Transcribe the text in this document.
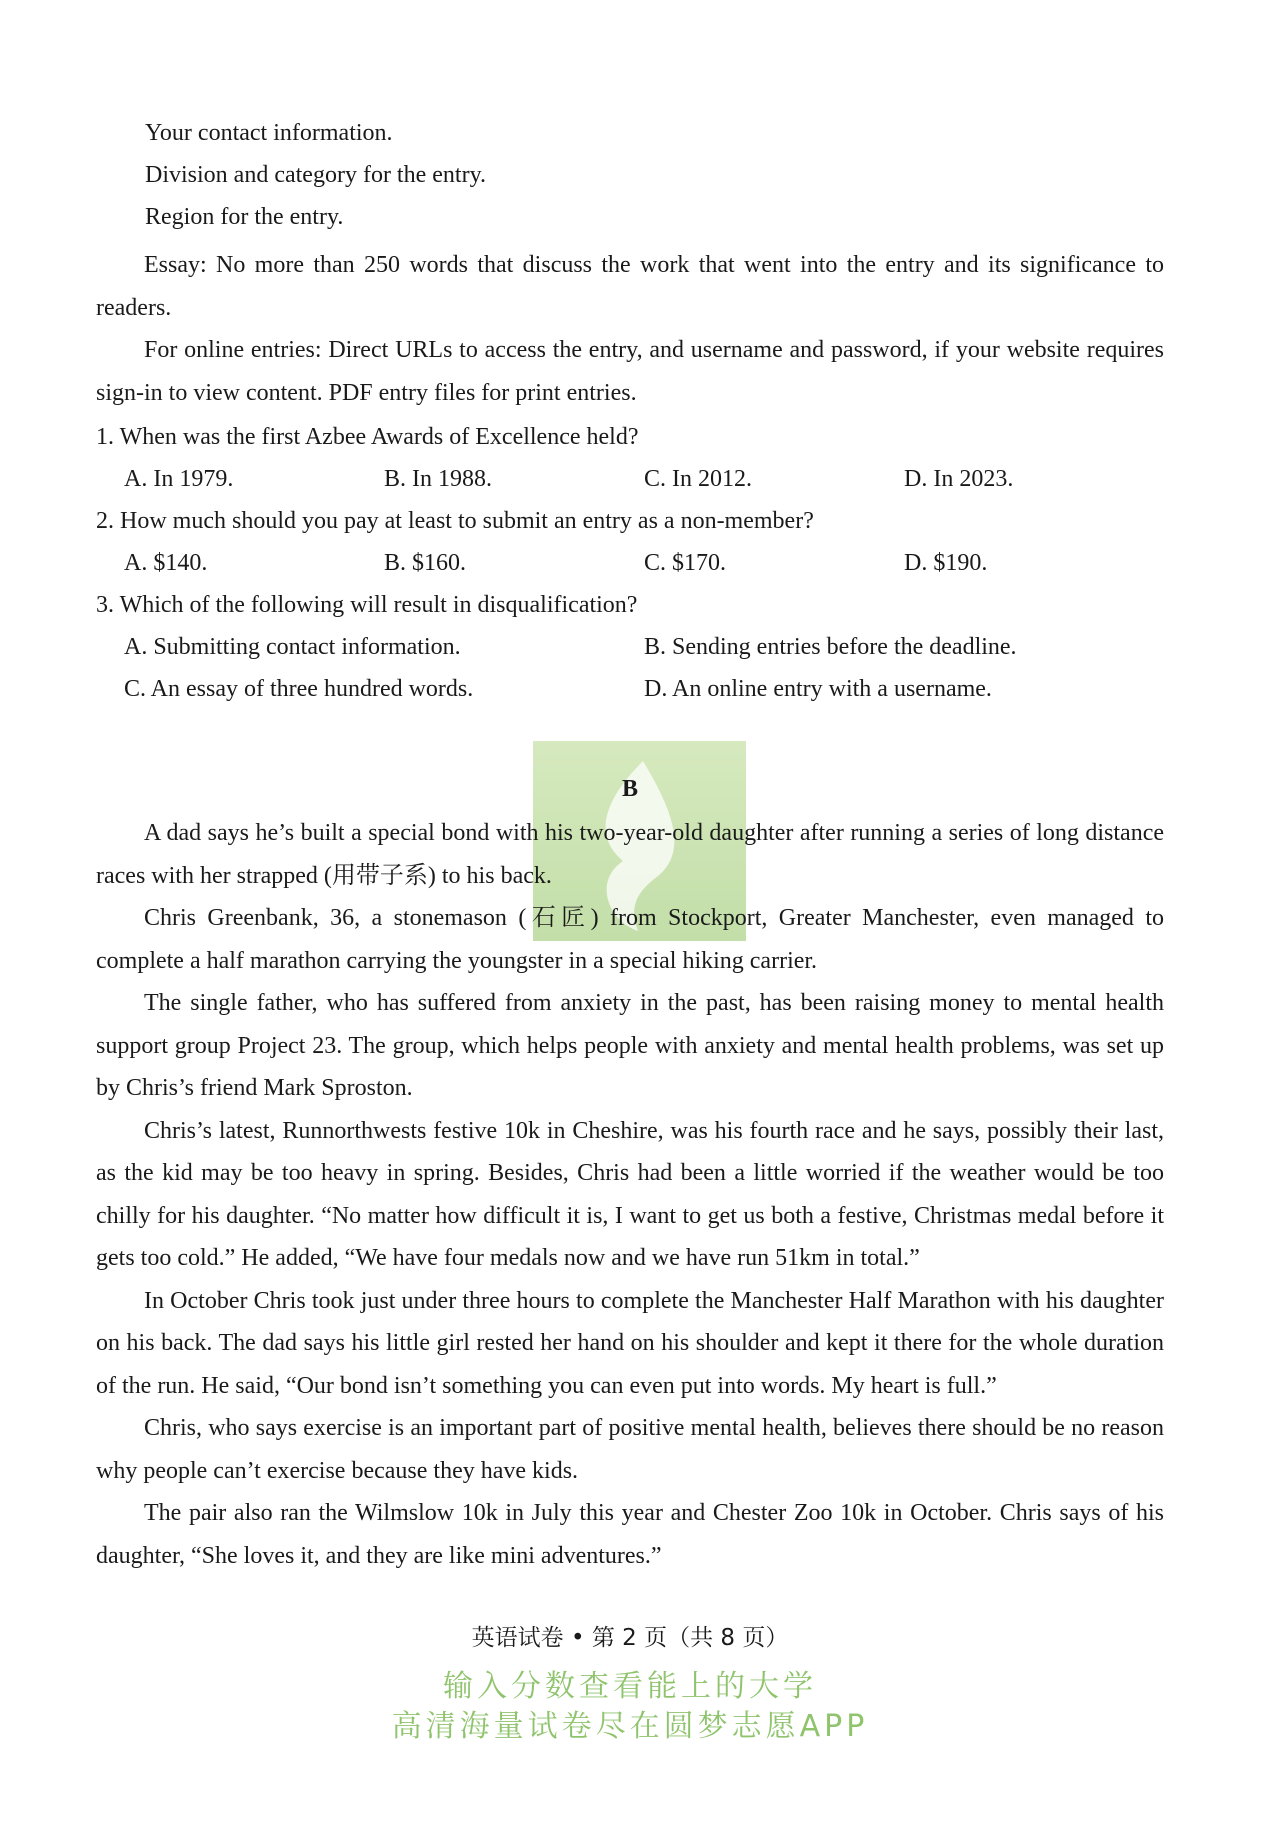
Your contact information.
Division and category for the entry.
Region for the entry.

Essay: No more than 250 words that discuss the work that went into the entry and its significance to readers.

For online entries: Direct URLs to access the entry, and username and password, if your website requires sign-in to view content. PDF entry files for print entries.

1. When was the first Azbee Awards of Excellence held?
A. In 1979.	B. In 1988.	C. In 2012.	D. In 2023.
2. How much should you pay at least to submit an entry as a non-member?
A. $140.	B. $160.	C. $170.	D. $190.
3. Which of the following will result in disqualification?
A. Submitting contact information.	B. Sending entries before the deadline.
C. An essay of three hundred words.	D. An online entry with a username.
B

A dad says he’s built a special bond with his two-year-old daughter after running a series of long distance races with her strapped (用带子系) to his back.

Chris Greenbank, 36, a stonemason (石匠) from Stockport, Greater Manchester, even managed to complete a half marathon carrying the youngster in a special hiking carrier.

The single father, who has suffered from anxiety in the past, has been raising money to mental health support group Project 23. The group, which helps people with anxiety and mental health problems, was set up by Chris’s friend Mark Sproston.

Chris’s latest, Runnorthwests festive 10k in Cheshire, was his fourth race and he says, possibly their last, as the kid may be too heavy in spring. Besides, Chris had been a little worried if the weather would be too chilly for his daughter. “No matter how difficult it is, I want to get us both a festive, Christmas medal before it gets too cold.” He added, “We have four medals now and we have run 51km in total.”

In October Chris took just under three hours to complete the Manchester Half Marathon with his daughter on his back. The dad says his little girl rested her hand on his shoulder and kept it there for the whole duration of the run. He said, “Our bond isn’t something you can even put into words. My heart is full.”

Chris, who says exercise is an important part of positive mental health, believes there should be no reason why people can’t exercise because they have kids.

The pair also ran the Wilmslow 10k in July this year and Chester Zoo 10k in October. Chris says of his daughter, “She loves it, and they are like mini adventures.”

英语试卷 • 第 2 页（共 8 页）
输入分数查看能上的大学
高清海量试卷尽在圆梦志愿APP
